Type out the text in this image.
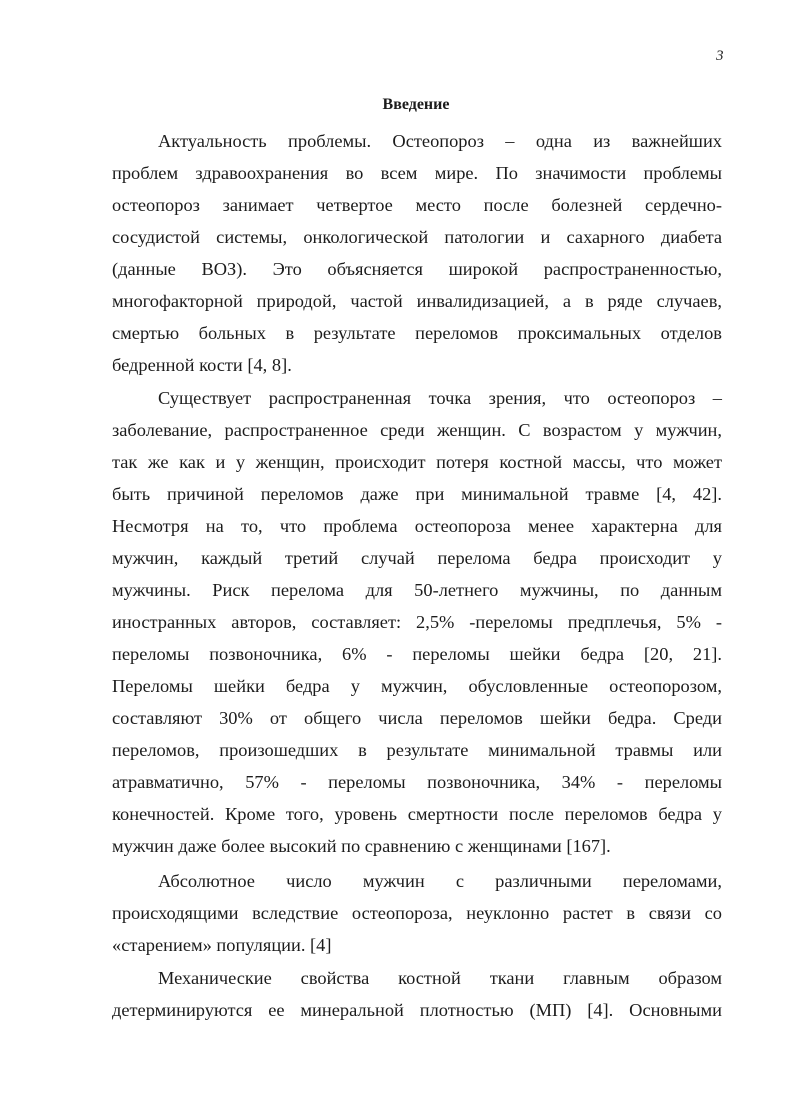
3
Введение
Актуальность проблемы. Остеопороз – одна из важнейших
проблем здравоохранения во всем мире. По значимости проблемы
остеопороз занимает четвертое место после болезней сердечно-
сосудистой системы, онкологической патологии и сахарного диабета
(данные ВОЗ). Это объясняется широкой распространенностью,
многофакторной природой, частой инвалидизацией, а в ряде случаев,
смертью больных в результате переломов проксимальных отделов
бедренной кости [4, 8].
Существует распространенная точка зрения, что остеопороз –
заболевание, распространенное среди женщин. С возрастом у мужчин,
так же как и у женщин, происходит потеря костной массы, что может
быть причиной переломов даже при минимальной травме [4, 42].
Несмотря на то, что проблема остеопороза менее характерна для
мужчин, каждый третий случай перелома бедра происходит у
мужчины. Риск перелома для 50-летнего мужчины, по данным
иностранных авторов, составляет: 2,5% -переломы предплечья, 5% -
переломы позвоночника, 6% - переломы шейки бедра [20, 21].
Переломы шейки бедра у мужчин, обусловленные остеопорозом,
составляют 30% от общего числа переломов шейки бедра. Среди
переломов, произошедших в результате минимальной травмы или
атравматично, 57% - переломы позвоночника, 34% - переломы
конечностей. Кроме того, уровень смертности после переломов бедра у
мужчин даже более высокий по сравнению с женщинами [167].
Абсолютное число мужчин с различными переломами,
происходящими вследствие остеопороза, неуклонно растет в связи со
«старением» популяции. [4]
Механические свойства костной ткани главным образом
детерминируются ее минеральной плотностью (МП) [4]. Основными
